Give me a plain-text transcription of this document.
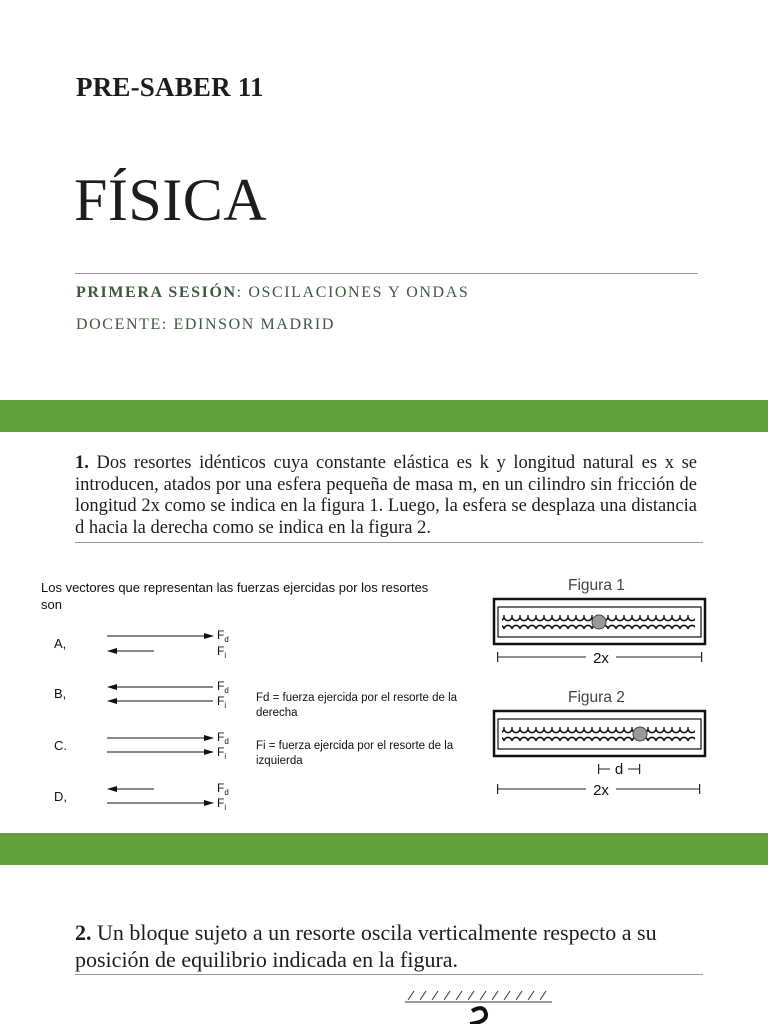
PRE-SABER 11
FÍSICA
PRIMERA SESIÓN: OSCILACIONES Y ONDAS
DOCENTE: EDINSON MADRID
1. Dos resortes idénticos cuya constante elástica es k y longitud natural es x se introducen, atados por una esfera pequeña de masa m, en un cilindro sin fricción de longitud 2x como se indica en la figura 1. Luego, la esfera se desplaza una distancia d hacia la derecha como se indica en la figura 2.
Los vectores que representan las fuerzas ejercidas por los resortes son
A,
B,
C.
D,
$F_d$
$F_i$
$F_d$
$F_i$
$F_d$
$F_i$
$F_d$
$F_i$
Fd = fuerza ejercida por el resorte de la derecha
Fi = fuerza ejercida por el resorte de la izquierda
Figura 1
Figura 2
2x
d
2x
2. Un bloque sujeto a un resorte oscila verticalmente respecto a su posición de equilibrio indicada en la figura.
